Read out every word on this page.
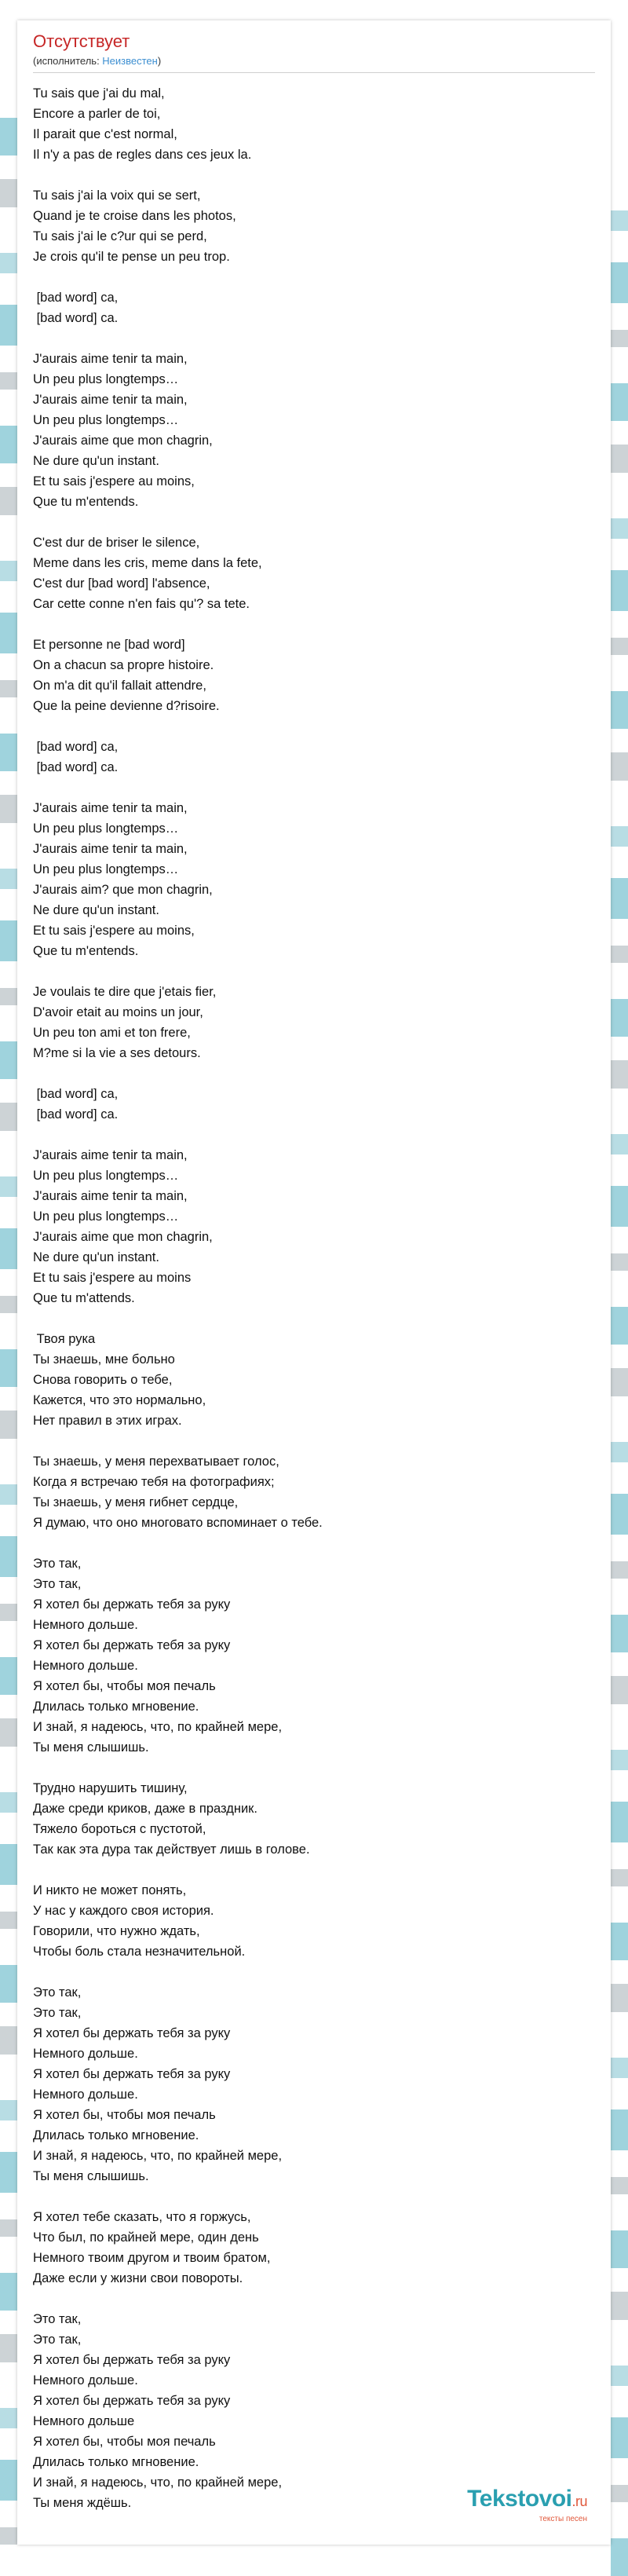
Отсутствует
(исполнитель: Неизвестен)
Tu sais que j'ai du mal,
Encore a parler de toi,
Il parait que c'est normal,
Il n'y a pas de regles dans ces jeux la.
Tu sais j'ai la voix qui se sert,
Quand je te croise dans les photos,
Tu sais j'ai le c?ur qui se perd,
Je crois qu'il te pense un peu trop.
[bad word] ca,
[bad word] ca.
J'aurais aime tenir ta main,
Un peu plus longtemps…
J'aurais aime tenir ta main,
Un peu plus longtemps…
J'aurais aime que mon chagrin,
Ne dure qu'un instant.
Et tu sais j'espere au moins,
Que tu m'entends.
C'est dur de briser le silence,
Meme dans les cris, meme dans la fete,
C'est dur [bad word] l'absence,
Car cette conne n'en fais qu'? sa tete.
Et personne ne [bad word]
On a chacun sa propre histoire.
On m'a dit qu'il fallait attendre,
Que la peine devienne d?risoire.
[bad word] ca,
[bad word] ca.
J'aurais aime tenir ta main,
Un peu plus longtemps…
J'aurais aime tenir ta main,
Un peu plus longtemps…
J'aurais aim? que mon chagrin,
Ne dure qu'un instant.
Et tu sais j'espere au moins,
Que tu m'entends.
Je voulais te dire que j'etais fier,
D'avoir etait au moins un jour,
Un peu ton ami et ton frere,
M?me si la vie a ses detours.
[bad word] ca,
[bad word] ca.
J'aurais aime tenir ta main,
Un peu plus longtemps…
J'aurais aime tenir ta main,
Un peu plus longtemps…
J'aurais aime que mon chagrin,
Ne dure qu'un instant.
Et tu sais j'espere au moins
Que tu m'attends.
Твоя рука
Ты знаешь, мне больно
Снова говорить о тебе,
Кажется, что это нормально,
Нет правил в этих играх.
Ты знаешь, у меня перехватывает голос,
Когда я встречаю тебя на фотографиях;
Ты знаешь, у меня гибнет сердце,
Я думаю, что оно многовато вспоминает о тебе.
Это так,
Это так,
Я хотел бы держать тебя за руку
Немного дольше.
Я хотел бы держать тебя за руку
Немного дольше.
Я хотел бы, чтобы моя печаль
Длилась только мгновение.
И знай, я надеюсь, что, по крайней мере,
Ты меня слышишь.
Трудно нарушить тишину,
Даже среди криков, даже в праздник.
Тяжело бороться с пустотой,
Так как эта дура так действует лишь в голове.
И никто не может понять,
У нас у каждого своя история.
Говорили, что нужно ждать,
Чтобы боль стала незначительной.
Это так,
Это так,
Я хотел бы держать тебя за руку
Немного дольше.
Я хотел бы держать тебя за руку
Немного дольше.
Я хотел бы, чтобы моя печаль
Длилась только мгновение.
И знай, я надеюсь, что, по крайней мере,
Ты меня слышишь.
Я хотел тебе сказать, что я горжусь,
Что был, по крайней мере, один день
Немного твоим другом и твоим братом,
Даже если у жизни свои повороты.
Это так,
Это так,
Я хотел бы держать тебя за руку
Немного дольше.
Я хотел бы держать тебя за руку
Немного дольше
Я хотел бы, чтобы моя печаль
Длилась только мгновение.
И знай, я надеюсь, что, по крайней мере,
Ты меня ждёшь.	Tekstovoi.ru
тексты песен
